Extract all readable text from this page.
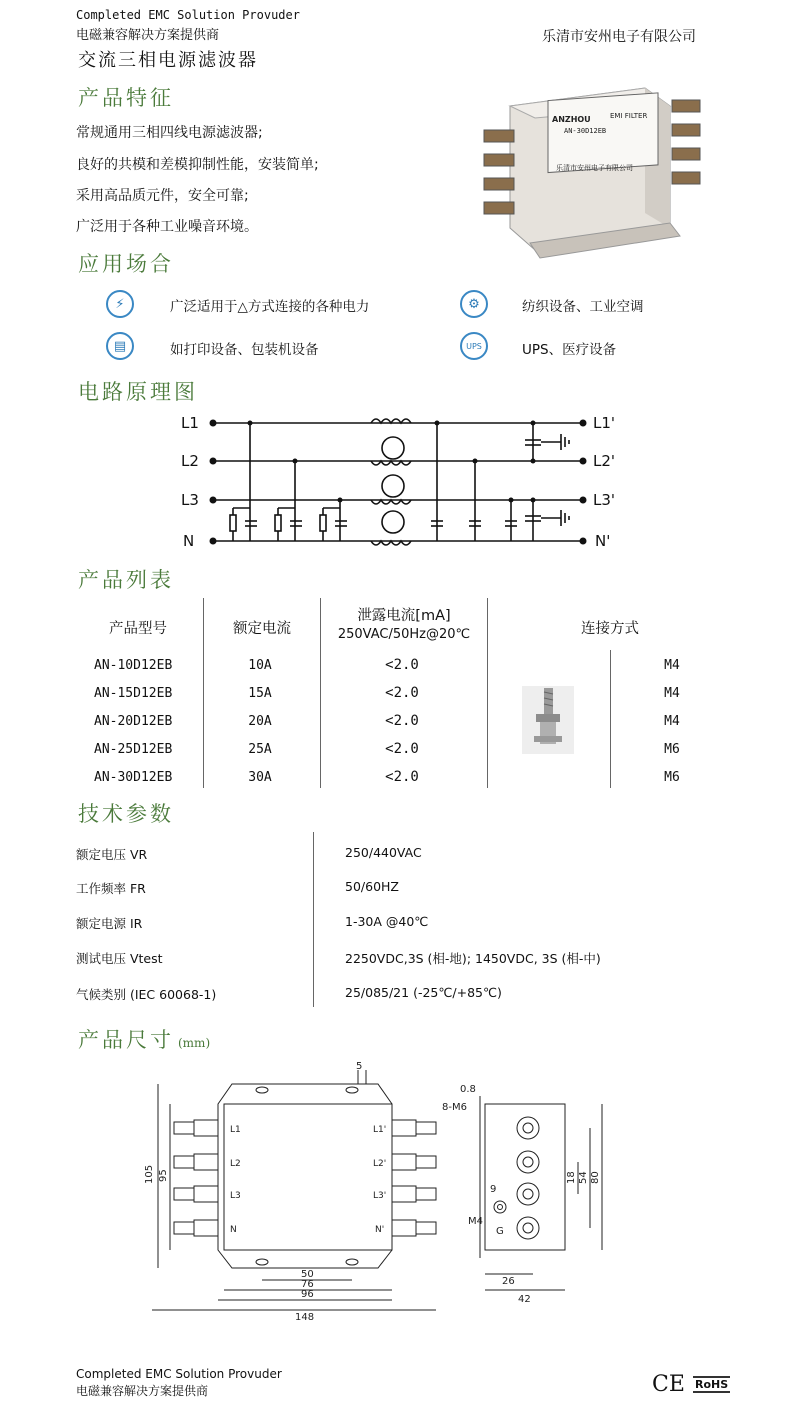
Completed EMC Solution Provuder
电磁兼容解决方案提供商	乐清市安州电子有限公司
交流三相电源滤波器
产品特征
常规通用三相四线电源滤波器;
良好的共模和差模抑制性能，安装简单;
采用高品质元件，安全可靠;
广泛用于各种工业噪音环境。
ANZHOU	EMI FILTER
AN-30D12EB
乐清市安州电子有限公司
应用场合
⚡	广泛适用于△方式连接的各种电力	⚙	纺织设备、工业空调
▤	如打印设备、包装机设备	UPS	UPS、医疗设备
电路原理图
L1
L2
L3
N
L1'
L2'
L3'
N'
产品列表
产品型号	额定电流
泄露电流[mA]
250VAC/50Hz@20℃	连接方式
AN-10D12EB	10A	<2.0	M4
AN-15D12EB	15A	<2.0	M4
AN-20D12EB	20A	<2.0	M4
AN-25D12EB	25A	<2.0	M6
AN-30D12EB	30A	<2.0	M6
技术参数
额定电压 VR	250/440VAC
工作频率 FR	50/60HZ
额定电源 IR	1-30A @40℃
测试电压 Vtest	2250VDC,3S (相-地); 1450VDC, 3S (相-中)
气候类别 (IEC 60068-1)	25/085/21 (-25℃/+85℃)
产品尺寸 (mm)
L1
L2
L3
N
L1'
L2'
L3'
N'
5
105 95
50
76
96
148
0.8
8-M6
18 54 80
9
M4
G
26
42
Completed EMC Solution Provuder
电磁兼容解决方案提供商	CE RoHS
